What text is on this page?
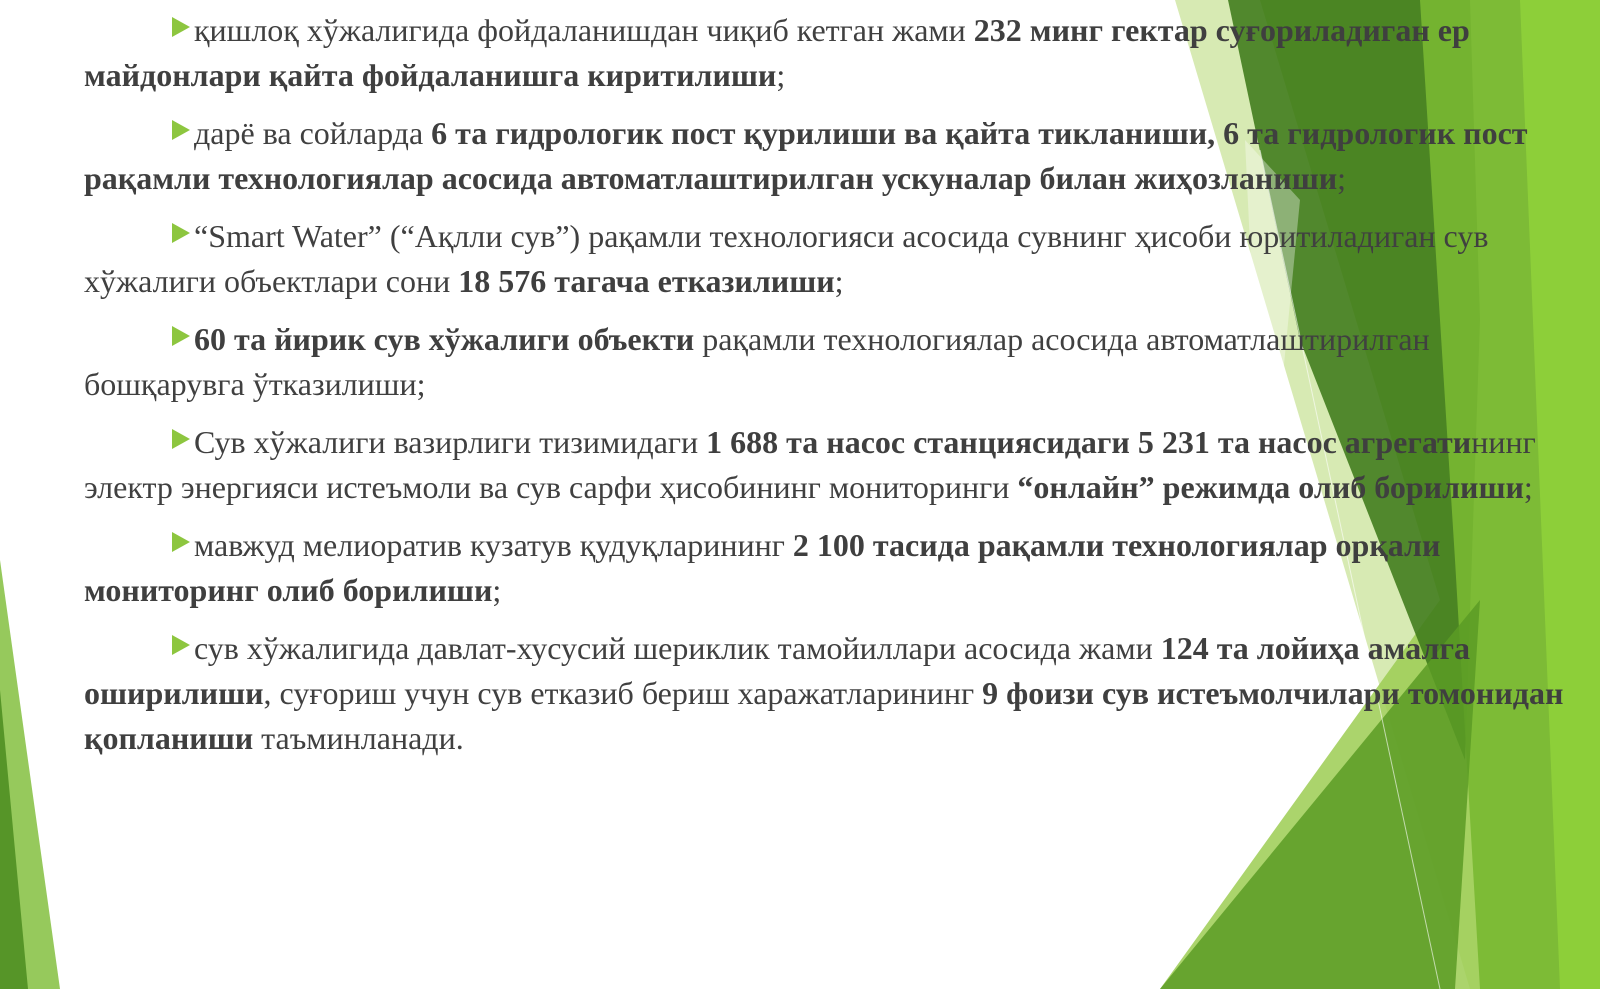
қишлоқ хўжалигида фойдаланишдан чиқиб кетган жами 232 минг гектар суғориладиган ер майдонлари қайта фойдаланишга киритилиши;

дарё ва сойларда 6 та гидрологик пост қурилиши ва қайта тикланиши, 6 та гидрологик пост рақамли технологиялар асосида автоматлаштирилган ускуналар билан жиҳозланиши;

“Smart Water” (“Ақлли сув”) рақамли технологияси асосида сувнинг ҳисоби юритиладиган сув хўжалиги объектлари сони 18 576 тагача етказилиши;

60 та йирик сув хўжалиги объекти рақамли технологиялар асосида автоматлаштирилган бошқарувга ўтказилиши;

Сув хўжалиги вазирлиги тизимидаги 1 688 та насос станциясидаги 5 231 та насос агрегатининг электр энергияси истеъмоли ва сув сарфи ҳисобининг мониторинги “онлайн” режимда олиб борилиши;

мавжуд мелиоратив кузатув қудуқларининг 2 100 тасида рақамли технологиялар орқали мониторинг олиб борилиши;

сув хўжалигида давлат-хусусий шериклик тамойиллари асосида жами 124 та лойиҳа амалга оширилиши, суғориш учун сув етказиб бериш харажатларининг 9 фоизи сув истеъмолчилари томонидан қопланиши таъминланади.
